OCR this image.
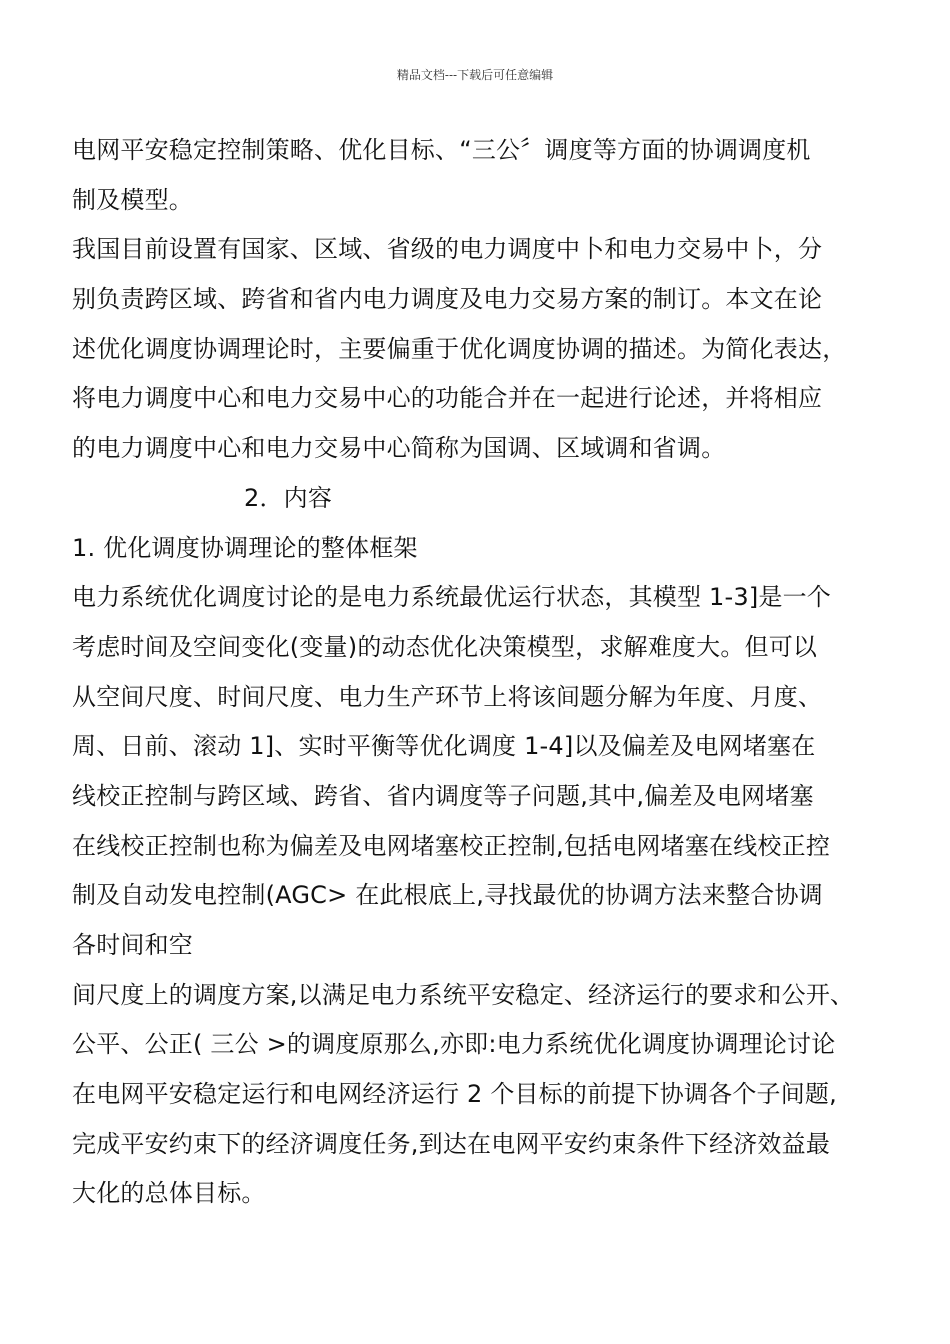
精品文档---下载后可任意编辑
电网平安稳定控制策略、优化目标、“三公〞调度等方面的协调调度机
制及模型。
我国目前设置有国家、区域、省级的电力调度中卜和电力交易中卜，分
别负责跨区域、跨省和省内电力调度及电力交易方案的制订。本文在论
述优化调度协调理论时，主要偏重于优化调度协调的描述。为简化表达，
将电力调度中心和电力交易中心的功能合并在一起进行论述，并将相应
的电力调度中心和电力交易中心简称为国调、区域调和省调。
2．内容
1. 优化调度协调理论的整体框架
电力系统优化调度讨论的是电力系统最优运行状态，其模型 1-3]是一个
考虑时间及空间变化(变量)的动态优化决策模型，求解难度大。但可以
从空间尺度、时间尺度、电力生产环节上将该间题分解为年度、月度、
周、日前、滚动 1]、实时平衡等优化调度 1-4]以及偏差及电网堵塞在
线校正控制与跨区域、跨省、省内调度等子问题,其中,偏差及电网堵塞
在线校正控制也称为偏差及电网堵塞校正控制,包括电网堵塞在线校正控
制及自动发电控制(AGC> 在此根底上,寻找最优的协调方法来整合协调
各时间和空
间尺度上的调度方案,以满足电力系统平安稳定、经济运行的要求和公开、
公平、公正( 三公 >的调度原那么,亦即:电力系统优化调度协调理论讨论
在电网平安稳定运行和电网经济运行 2 个目标的前提下协调各个子间题,
完成平安约束下的经济调度任务,到达在电网平安约束条件下经济效益最
大化的总体目标。
